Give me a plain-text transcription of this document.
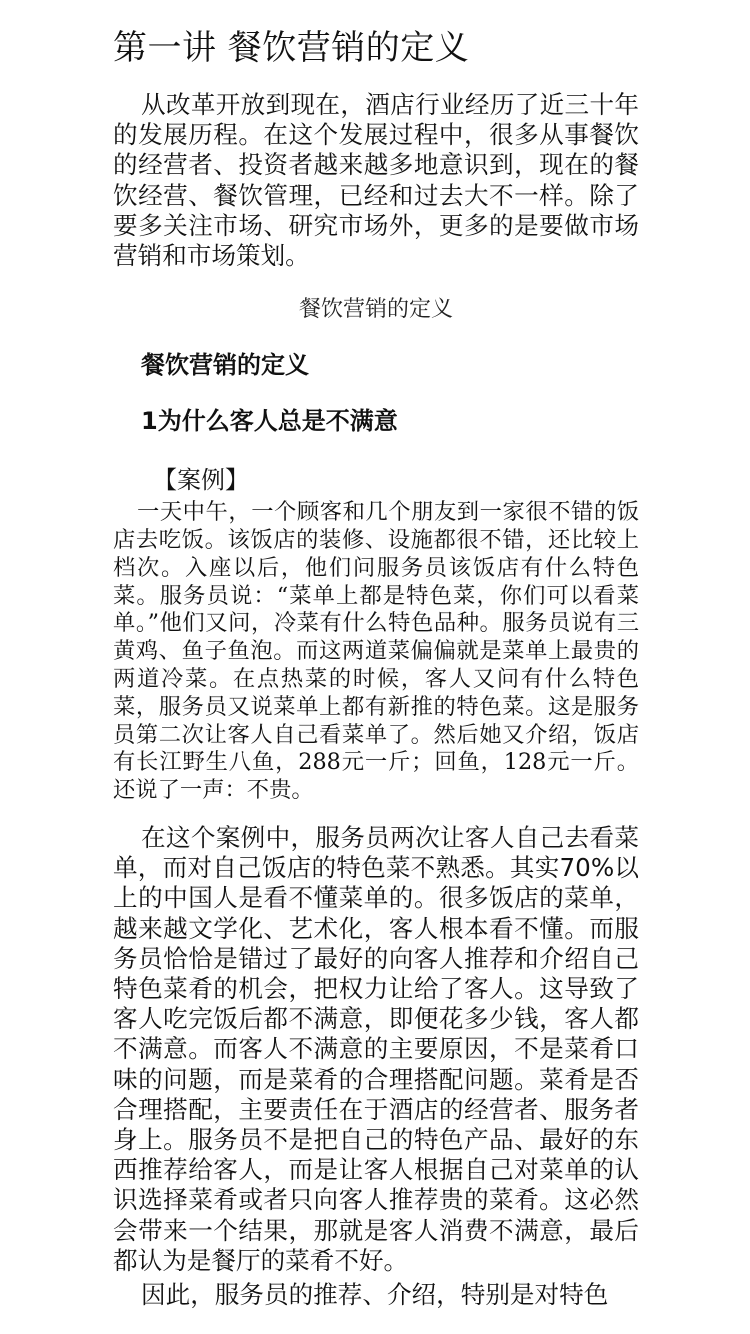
第一讲 餐饮营销的定义

从改革开放到现在，酒店行业经历了近三十年的发展历程。在这个发展过程中，很多从事餐饮的经营者、投资者越来越多地意识到，现在的餐饮经营、餐饮管理，已经和过去大不一样。除了要多关注市场、研究市场外，更多的是要做市场营销和市场策划。

餐饮营销的定义
餐饮营销的定义
1为什么客人总是不满意
【案例】

一天中午，一个顾客和几个朋友到一家很不错的饭店去吃饭。该饭店的装修、设施都很不错，还比较上档次。入座以后，他们问服务员该饭店有什么特色菜。服务员说：“菜单上都是特色菜，你们可以看菜单。”他们又问，冷菜有什么特色品种。服务员说有三黄鸡、鱼子鱼泡。而这两道菜偏偏就是菜单上最贵的两道冷菜。在点热菜的时候，客人又问有什么特色菜，服务员又说菜单上都有新推的特色菜。这是服务员第二次让客人自己看菜单了。然后她又介绍，饭店有长江野生八鱼，288元一斤；回鱼，128元一斤。还说了一声：不贵。

在这个案例中，服务员两次让客人自己去看菜单，而对自己饭店的特色菜不熟悉。其实70%以上的中国人是看不懂菜单的。很多饭店的菜单，越来越文学化、艺术化，客人根本看不懂。而服务员恰恰是错过了最好的向客人推荐和介绍自己特色菜肴的机会，把权力让给了客人。这导致了客人吃完饭后都不满意，即便花多少钱，客人都不满意。而客人不满意的主要原因，不是菜肴口味的问题，而是菜肴的合理搭配问题。菜肴是否合理搭配，主要责任在于酒店的经营者、服务者身上。服务员不是把自己的特色产品、最好的东西推荐给客人，而是让客人根据自己对菜单的认识选择菜肴或者只向客人推荐贵的菜肴。这必然会带来一个结果，那就是客人消费不满意，最后都认为是餐厅的菜肴不好。

因此，服务员的推荐、介绍，特别是对特色
